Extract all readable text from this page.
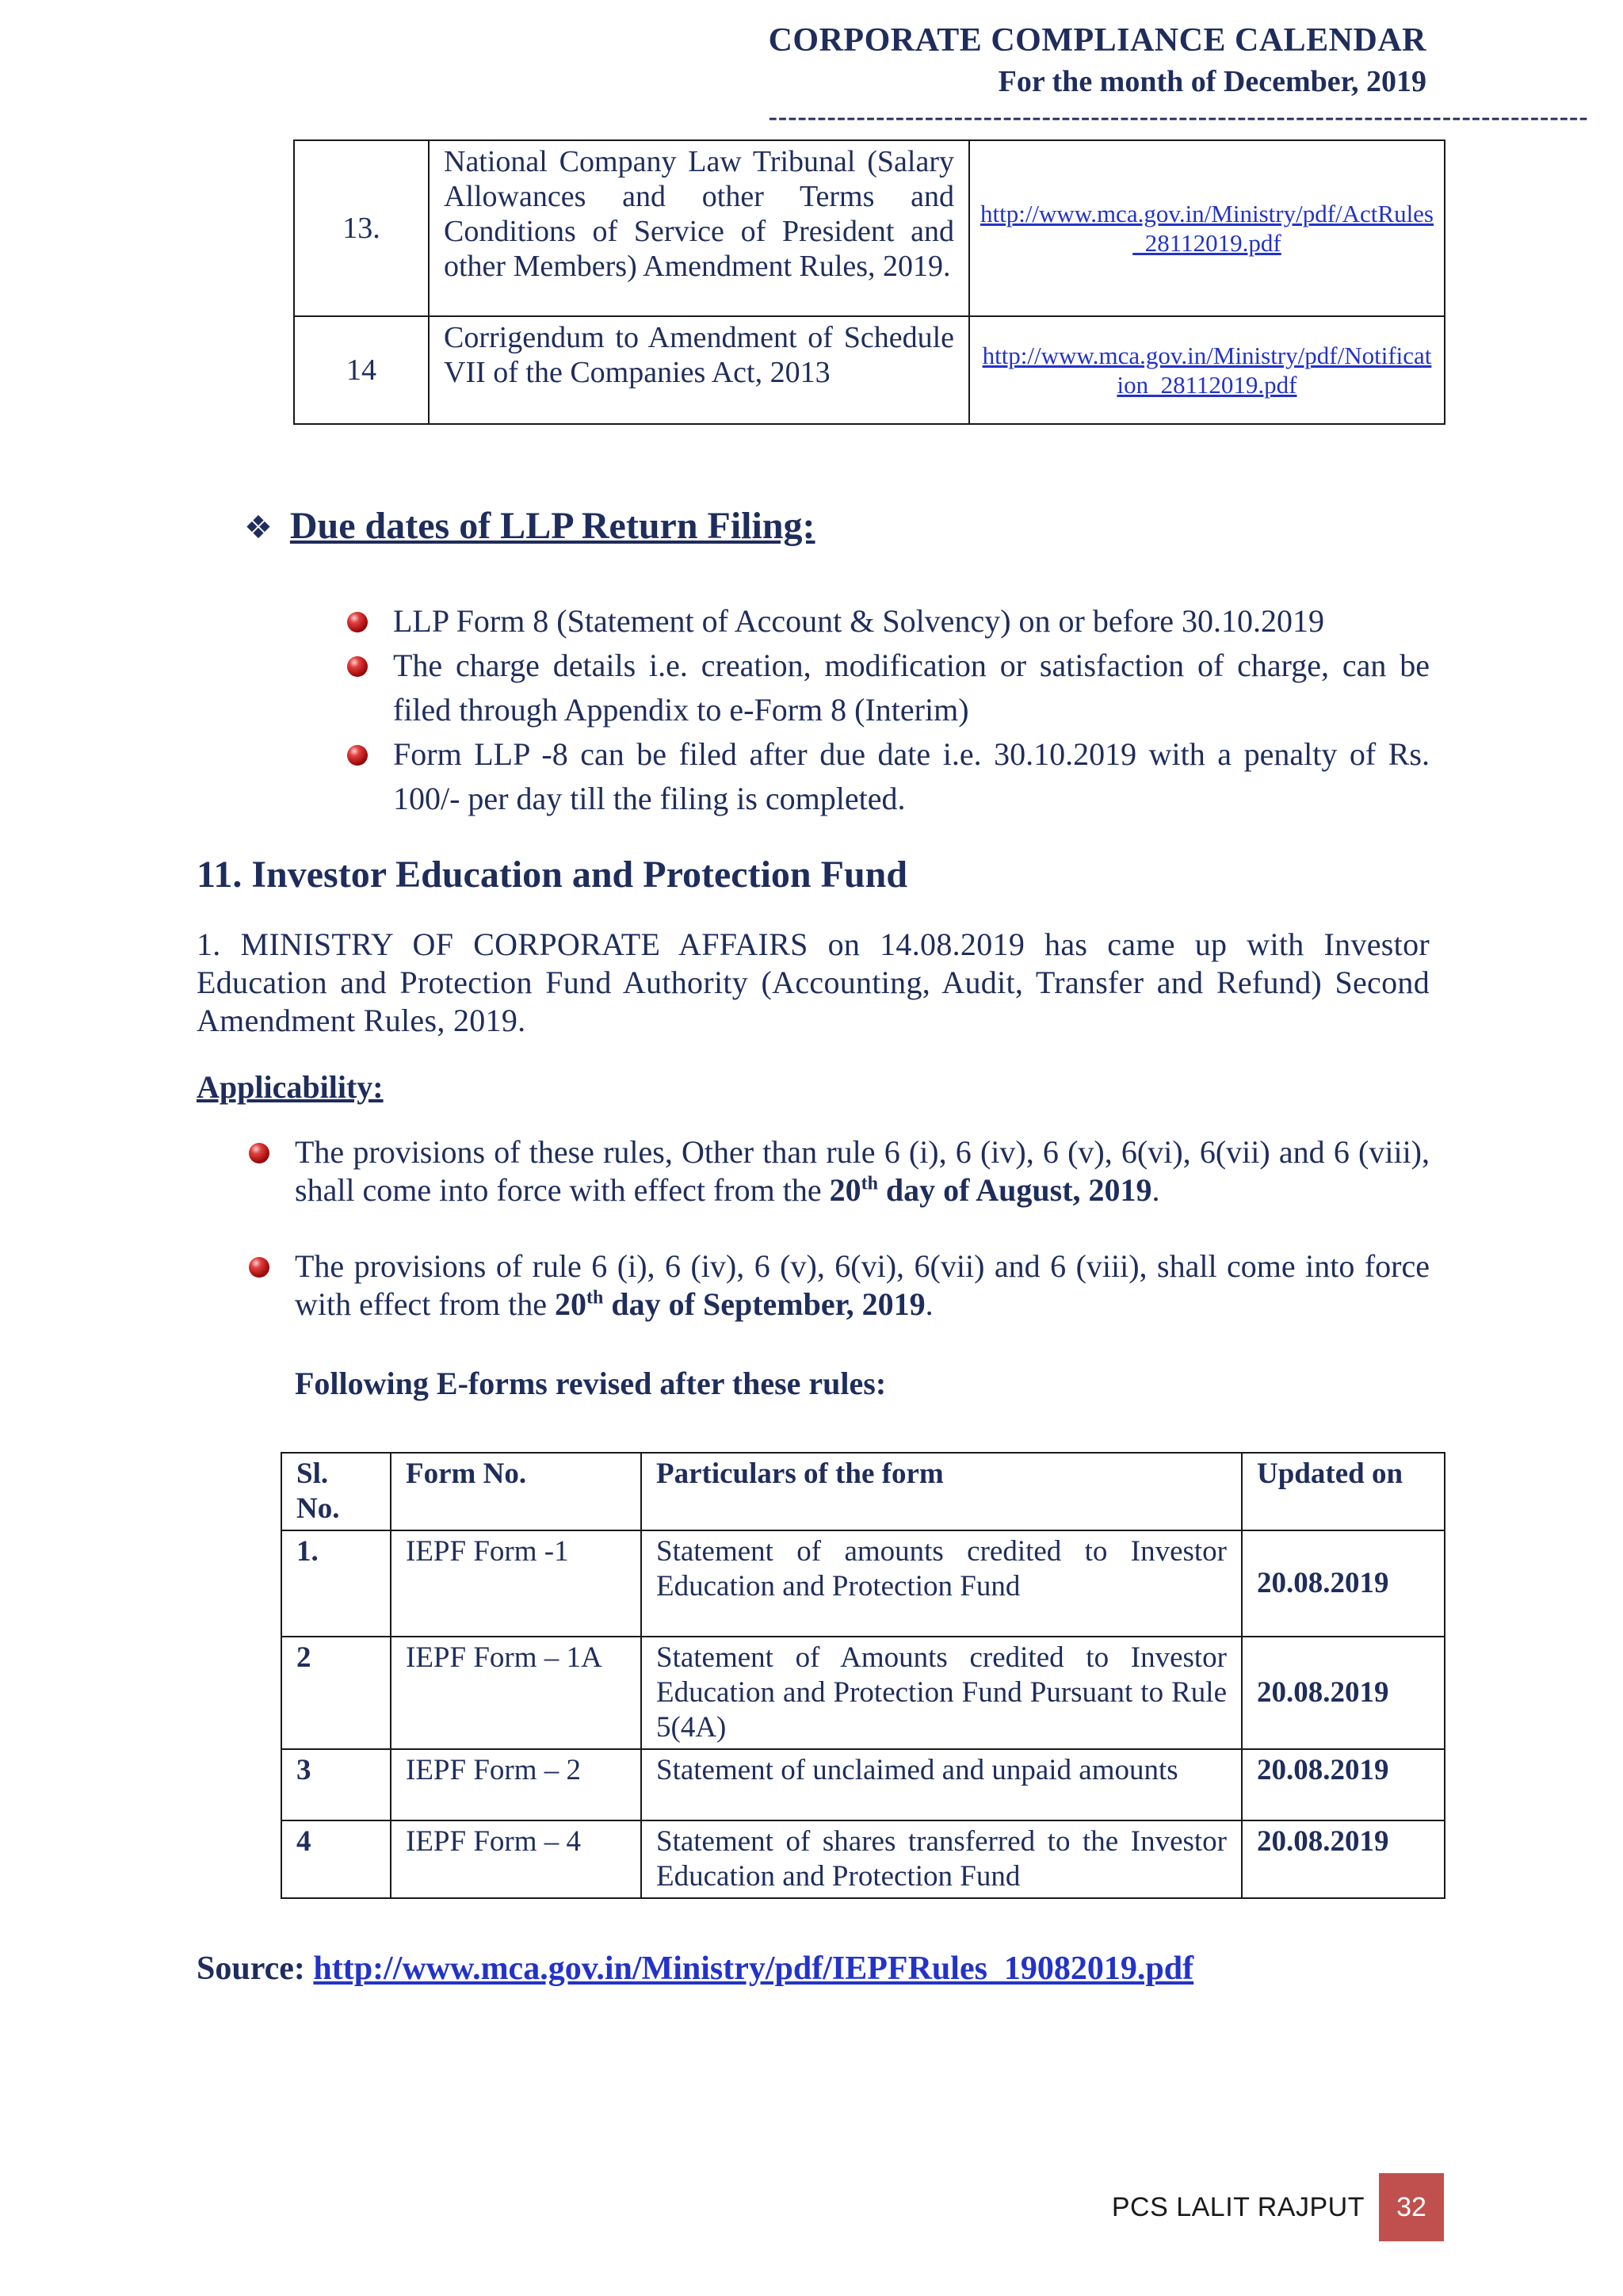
CORPORATE COMPLIANCE CALENDAR
For the month of December, 2019
------------------------------------------------------------------------------------
13.	National Company Law Tribunal (Salary Allowances and other Terms and Conditions of Service of President and other Members) Amendment Rules, 2019.	http://www.mca.gov.in/Ministry/pdf/ActRules_28112019.pdf
14	Corrigendum to Amendment of Schedule VII of the Companies Act, 2013	http://www.mca.gov.in/Ministry/pdf/Notification_28112019.pdf
❖ Due dates of LLP Return Filing:
LLP Form 8 (Statement of Account & Solvency) on or before 30.10.2019
The charge details i.e. creation, modification or satisfaction of charge, can be filed through Appendix to e-Form 8 (Interim)
Form LLP -8 can be filed after due date i.e. 30.10.2019 with a penalty of Rs. 100/- per day till the filing is completed.
11. Investor Education and Protection Fund
1. MINISTRY OF CORPORATE AFFAIRS on 14.08.2019 has came up with Investor Education and Protection Fund Authority (Accounting, Audit, Transfer and Refund) Second Amendment Rules, 2019.
Applicability:
The provisions of these rules, Other than rule 6 (i), 6 (iv), 6 (v), 6(vi), 6(vii) and 6 (viii), shall come into force with effect from the 20th day of August, 2019.
The provisions of rule 6 (i), 6 (iv), 6 (v), 6(vi), 6(vii) and 6 (viii), shall come into force with effect from the 20th day of September, 2019.
Following E-forms revised after these rules:
Sl. No.	Form No.	Particulars of the form	Updated on
1.	IEPF Form -1	Statement of amounts credited to Investor Education and Protection Fund	20.08.2019
2	IEPF Form – 1A	Statement of Amounts credited to Investor Education and Protection Fund Pursuant to Rule 5(4A)	20.08.2019
3	IEPF Form – 2	Statement of unclaimed and unpaid amounts	20.08.2019
4	IEPF Form – 4	Statement of shares transferred to the Investor Education and Protection Fund	20.08.2019
Source: http://www.mca.gov.in/Ministry/pdf/IEPFRules_19082019.pdf
PCS LALIT RAJPUT	32
